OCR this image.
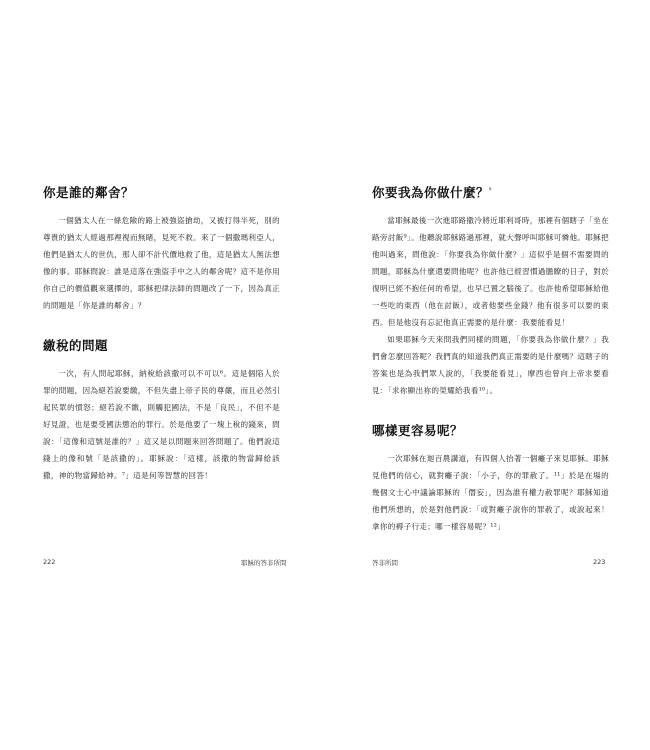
你是誰的鄰舍？

一個猶太人在一條危險的路上被強盜搶劫，又被打得半死，別的尊貴的猶太人經過那裡視而無睹，見死不救。來了一個撒瑪利亞人，他們是猶太人的世仇，那人卻不計代價地救了他，這是猶太人無法想像的事。耶穌問說：誰是這落在強盜手中之人的鄰舍呢？這不是你用你自己的價值觀來選擇的，耶穌把律法師的問題改了一下，因為真正的問題是「你是誰的鄰舍」？

繳稅的問題

一次，有人問起耶穌，納稅給該撒可以不可以⁶。這是個陷人於罪的問題，因為絕若說要繳，不但失盡上帝子民的尊嚴，而且必然引起民眾的憤怒；絕若說不繳，則觸犯國法，不是「良民」，不但不是好見證，也是要受國法懲治的罪行。於是他要了一塊上稅的錢來，問說：「這像和這號是誰的？」這又是以問題來回答問題了。他們說這錢上的像和號「是該撒的」。耶穌說：「這樣，該撒的物當歸給該撒，神的物當歸給神。⁷」這是何等智慧的回答！

222	耶穌的答非所問
你要我為你做什麼？$^{^8}$

當耶穌最後一次進耶路撒冷將近耶利哥時，那裡有個瞎子「坐在路旁討飯⁹」。他聽說耶穌路過那裡，就大聲呼叫耶穌可憐他。耶穌把他叫過來，問他說：「你要我為你做什麼？」這似乎是個不需要問的問題，耶穌為什麼還要問他呢？也許他已經習慣過膽瞭的日子，對於復明已經不抱任何的希望，也早已置之腦後了。也許他希望耶穌給他一些吃的東西（他在討飯），或者他要些金錢？他有很多可以要的東西。但是他沒有忘記他真正需要的是什麼：我要能看見！

如果耶穌今天來問我們同樣的問題，「你要我為你做什麼？」我們會怎麼回答呢？我們真的知道我們真正需要的是什麼嗎？這瞎子的答案也是為我們眾人說的，「我要能看見」，摩西也曾向上帝求要看見：「求祢顯出祢的榮耀給我看¹⁰」。

哪樣更容易呢？

一次耶穌在迦百農講道，有四個人抬著一個癱子來見耶穌。耶穌見他們的信心，就對癱子說：「小子，你的罪赦了。¹¹」於是在場的幾個文士心中議論耶穌的「僭妄」，因為誰有權力赦罪呢？耶穌知道他們所想的，於是對他們說：「或對癱子說你的罪赦了，或說起來！拿你的褥子行走；哪一樣容易呢？¹²」

答非所問	223
